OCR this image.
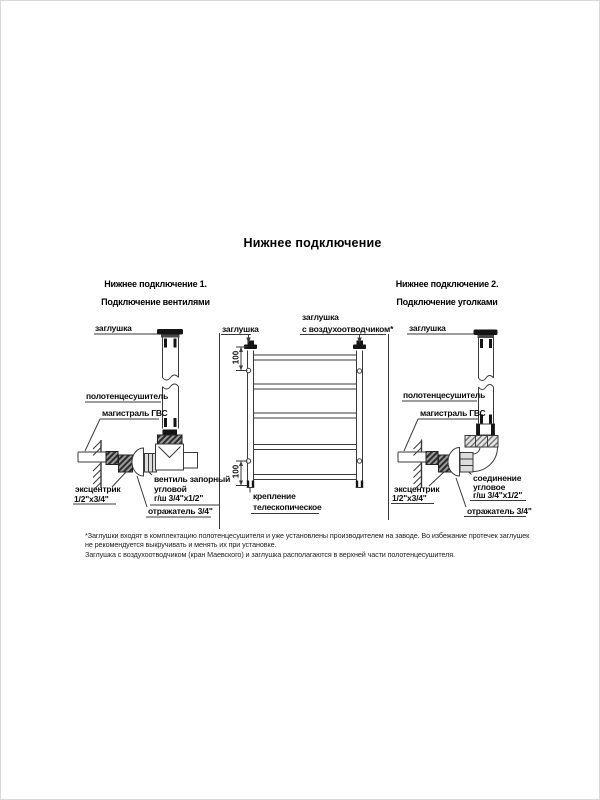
Нижнее подключение
Нижнее подключение 1.
Подключение вентилями
Нижнее подключение 2.
Подключение уголками
заглушка
полотенцесушитель
магистраль ГВС
эксцентрик
1/2"x3/4"
вентиль запорный
угловой
г/ш 3/4"x1/2"
отражатель 3/4"
заглушка
заглушка
с воздухоотводчиком*
100
100
крепление
телескопическое
заглушка
полотенцесушитель
магистраль ГВС
эксцентрик
1/2"x3/4"
соединение
угловое
г/ш 3/4"x1/2"
отражатель 3/4"
*Заглушки входят в комплектацию полотенцесушителя и уже установлены производителем на заводе. Во избежание протечек заглушек
не рекомендуется выкручивать и менять их при установке.
Заглушка с воздухоотводчиком (кран Маевского) и заглушка располагаются в верхней части полотенцесушителя.
